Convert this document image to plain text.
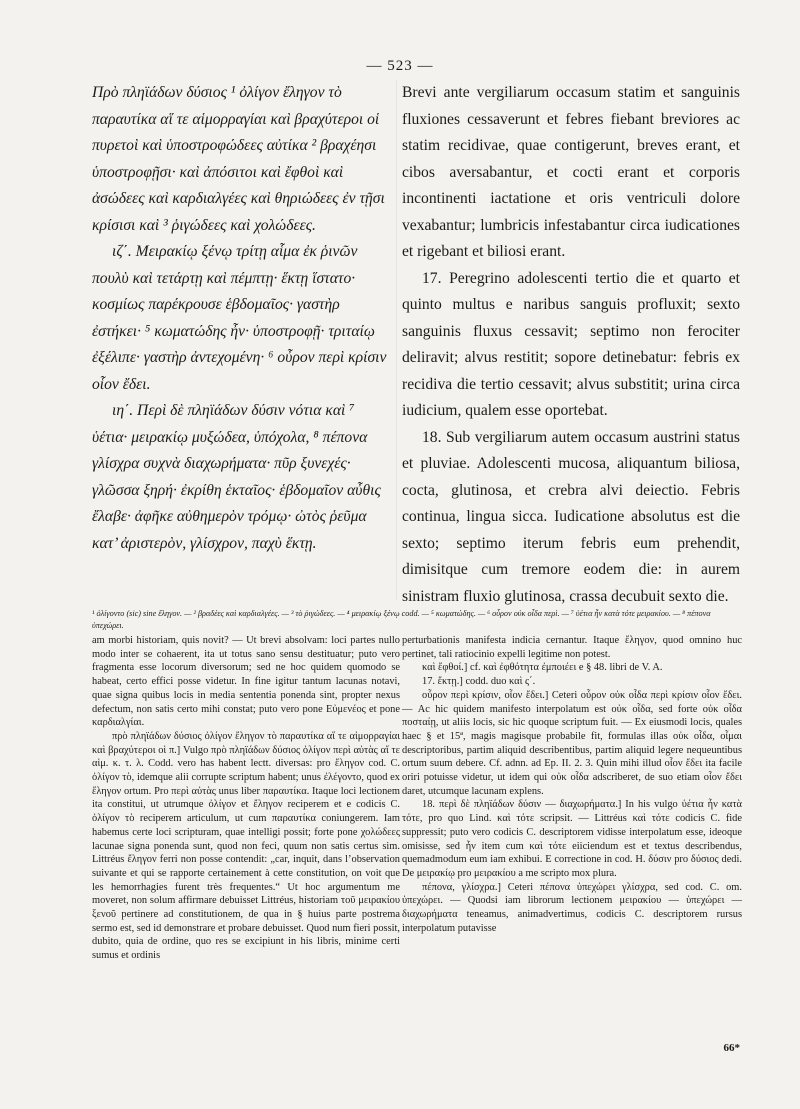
— 523 —

Πρὸ πληϊάδων δύσιος ¹ ὀλίγον ἔληγον τὸ παραυτίκα αἵ τε αἱμορραγίαι καὶ βραχύτεροι οἱ πυρετοὶ καὶ ὑποστροφώδεες αὐτίκα ² βραχέησι ὑποστροφῇσι· καὶ ἀπόσιτοι καὶ ἔφθοὶ καὶ ἀσώδεες καὶ καρδιαλγέες καὶ θηριώδεες ἐν τῇσι κρίσισι καὶ ³ ῥιγώδεες καὶ χολώδεες.

ιζ΄. Μειρακίῳ ξένῳ τρίτῃ αἷμα ἐκ ῥινῶν πουλὺ καὶ τετάρτῃ καὶ πέμπτῃ· ἕκτῃ ἵστατο· κοσμίως παρέκρουσε ἑβδομαῖος· γαστὴρ ἐστήκει· ⁵ κωματώδης ἦν· ὑποστροφῇ· τριταίῳ ἐξέλιπε· γαστὴρ ἀντεχομένη· ⁶ οὖρον περὶ κρίσιν οἷον ἔδει.

ιη΄. Περὶ δὲ πληϊάδων δύσιν νότια καὶ ⁷ ὑέτια· μειρακίῳ μυξώδεα, ὑπόχολα, ⁸ πέπονα γλίσχρα συχνὰ διαχωρήματα· πῦρ ξυνεχές· γλῶσσα ξηρή· ἐκρίθη ἑκταῖος· ἑβδομαῖον αὖθις ἔλαβε· ἀφῆκε αὐθημερὸν τρόμῳ· ὠτὸς ῥεῦμα κατ’ ἀριστερὸν, γλίσχρον, παχὺ ἕκτῃ.

Brevi ante vergiliarum occasum statim et sanguinis fluxiones cessaverunt et febres fiebant breviores ac statim recidivae, quae contigerunt, breves erant, et cibos aversabantur, et cocti erant et corporis incontinenti iactatione et oris ventriculi dolore vexabantur; lumbricis infestabantur circa iudicationes et rigebant et biliosi erant.

17. Peregrino adolescenti tertio die et quarto et quinto multus e naribus sanguis profluxit; sexto sanguinis fluxus cessavit; septimo non ferociter deliravit; alvus restitit; sopore detinebatur: febris ex recidiva die tertio cessavit; alvus substitit; urina circa iudicium, qualem esse oportebat.

18. Sub vergiliarum autem occasum austrini status et pluviae. Adolescenti mucosa, aliquantum biliosa, cocta, glutinosa, et crebra alvi deiectio. Febris continua, lingua sicca. Iudicatione absolutus est die sexto; septimo iterum febris eum prehendit, dimisitque cum tremore eodem die: in aurem sinistram fluxio glutinosa, crassa decubuit sexto die.

¹ ὀλίγοντο (sic) sine ἔληγον. — ² βραδέες καὶ καρδιαλγέες. — ³ τὸ ῥιγώδεες. — ⁴ μειρακίῳ ξένῳ codd. — ⁵ κωματώδης. — ⁶ οὖρον οὐκ οἶδα περὶ. — ⁷ ὑέτια ἦν κατὰ τότε μειρακίου. — ⁸ πέπονα ὑπεχώρει.

am morbi historiam, quis novit? — Ut brevi absolvam: loci partes nullo modo inter se cohaerent, ita ut totus sano sensu destituatur; puto vero fragmenta esse locorum diversorum; sed ne hoc quidem quomodo se habeat, certo effici posse videtur. In fine igitur tantum lacunas notavi, quae signa quibus locis in media sententia ponenda sint, propter nexus defectum, non satis certo mihi constat; puto vero pone Εὐμενέος et pone καρδιαλγίαι.

πρὸ πληϊάδων δύσιος ὀλίγον ἔληγον τὸ παραυτίκα αἵ τε αἱμορραγίαι καὶ βραχύτεροι οἱ π.] Vulgo πρὸ πληϊάδων δύσιος ὀλίγον περὶ αὐτὰς αἵ τε αἱμ. κ. τ. λ. Codd. vero has habent lectt. diversas: pro ἔληγον cod. C. ὀλίγον τὸ, idemque alii corrupte scriptum habent; unus ἐλέγοντο, quod ex ἔληγον ortum. Pro περὶ αὐτὰς unus liber παραυτίκα. Itaque loci lectionem ita constitui, ut utrumque ὀλίγον et ἔληγον reciperem et e codicis C. ὀλίγον τὸ reciperem articulum, ut cum παραυτίκα coniungerem. Iam habemus certe loci scripturam, quae intelligi possit; forte pone χολώδεες lacunae signa ponenda sunt, quod non feci, quum non satis certus sim. Littréus ἔληγον ferri non posse contendit: „car, inquit, dans l’observation suivante et qui se rapporte certainement à cette constitution, on voit que les hemorrhagies furent très frequentes.“ Ut hoc argumentum me moveret, non solum affirmare debuisset Littréus, historiam τοῦ μειρακίου ξενοῦ pertinere ad constitutionem, de qua in § huius parte postrema sermo est, sed id demonstrare et probare debuisset. Quod num fieri possit, dubito, quia de ordine, quo res se excipiunt in his libris, minime certi sumus et ordinis

perturbationis manifesta indicia cernantur. Itaque ἔληγον, quod omnino huc pertinet, tali ratiocinio expelli legitime non potest.

καὶ ἔφθοί.] cf. καὶ ἐφθότητα ἐμποιέει e § 48. libri de V. A.

17. ἕκτῃ.] codd. duo καὶ ς΄.

οὖρον περὶ κρίσιν, οἷον ἔδει.] Ceteri οὖρον οὐκ οἶδα περὶ κρίσιν οἷον ἔδει. — Ac hic quidem manifesto interpolatum est οὐκ οἶδα, sed forte οὐκ οἶδα ποσταίῃ, ut aliis locis, sic hic quoque scriptum fuit. — Ex eiusmodi locis, quales haec § et 15ª, magis magisque probabile fit, formulas illas οὐκ οἶδα, οἶμαι descriptoribus, partim aliquid describentibus, partim aliquid legere nequeuntibus ortum suum debere. Cf. adnn. ad Ep. II. 2. 3. Quin mihi illud οἷον ἔδει ita facile oriri potuisse videtur, ut idem qui οὐκ οἶδα adscriberet, de suo etiam οἷον ἔδει daret, utcumque lacunam explens.

18. περὶ δὲ πληϊάδων δύσιν — διαχωρήματα.] In his vulgo ὑέτια ἦν κατὰ τότε, pro quo Lind. καὶ τότε scripsit. — Littréus καὶ τότε codicis C. fide suppressit; puto vero codicis C. descriptorem vidisse interpolatum esse, ideoque omisisse, sed ἦν item cum καὶ τότε eiiciendum est et textus describendus, quemadmodum eum iam exhibui. E correctione in cod. H. δύσιν pro δύσιος dedi. De μειρακίῳ pro μειρακίου a me scripto mox plura.

πέπονα, γλίσχρα.] Ceteri πέπονα ὑπεχώρει γλίσχρα, sed cod. C. om. ὑπεχώρει. — Quodsi iam librorum lectionem μειρακίου — ὑπεχώρει — διαχωρήματα teneamus, animadvertimus, codicis C. descriptorem rursus interpolatum putavisse

66*
